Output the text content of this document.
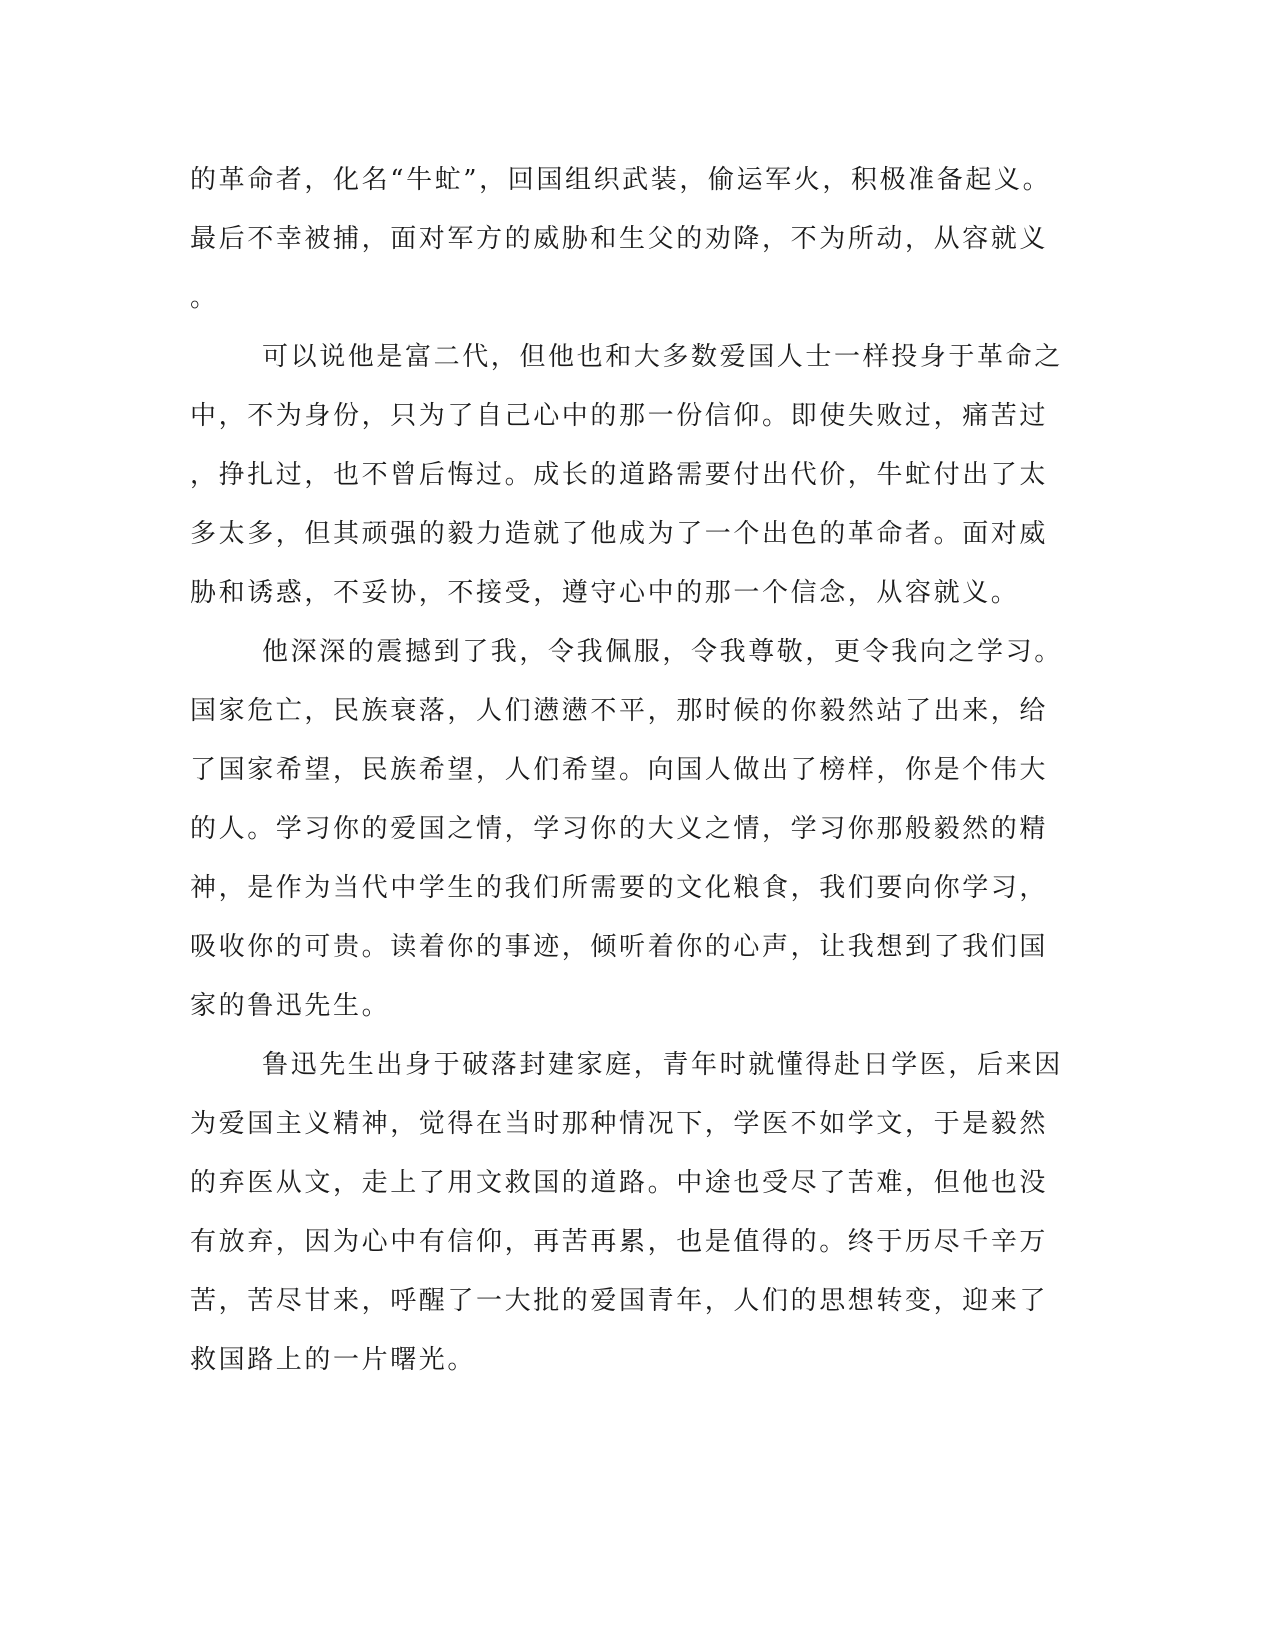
的革命者，化名“牛虻”，回国组织武装，偷运军火，积极准备起义。

最后不幸被捕，面对军方的威胁和生父的劝降，不为所动，从容就义

。

可以说他是富二代，但他也和大多数爱国人士一样投身于革命之

中，不为身份，只为了自己心中的那一份信仰。即使失败过，痛苦过

，挣扎过，也不曾后悔过。成长的道路需要付出代价，牛虻付出了太

多太多，但其顽强的毅力造就了他成为了一个出色的革命者。面对威

胁和诱惑，不妥协，不接受，遵守心中的那一个信念，从容就义。

他深深的震撼到了我，令我佩服，令我尊敬，更令我向之学习。

国家危亡，民族衰落，人们懑懑不平，那时候的你毅然站了出来，给

了国家希望，民族希望，人们希望。向国人做出了榜样，你是个伟大

的人。学习你的爱国之情，学习你的大义之情，学习你那般毅然的精

神，是作为当代中学生的我们所需要的文化粮食，我们要向你学习，

吸收你的可贵。读着你的事迹，倾听着你的心声，让我想到了我们国

家的鲁迅先生。

鲁迅先生出身于破落封建家庭，青年时就懂得赴日学医，后来因

为爱国主义精神，觉得在当时那种情况下，学医不如学文，于是毅然

的弃医从文，走上了用文救国的道路。中途也受尽了苦难，但他也没

有放弃，因为心中有信仰，再苦再累，也是值得的。终于历尽千辛万

苦，苦尽甘来，呼醒了一大批的爱国青年，人们的思想转变，迎来了

救国路上的一片曙光。
